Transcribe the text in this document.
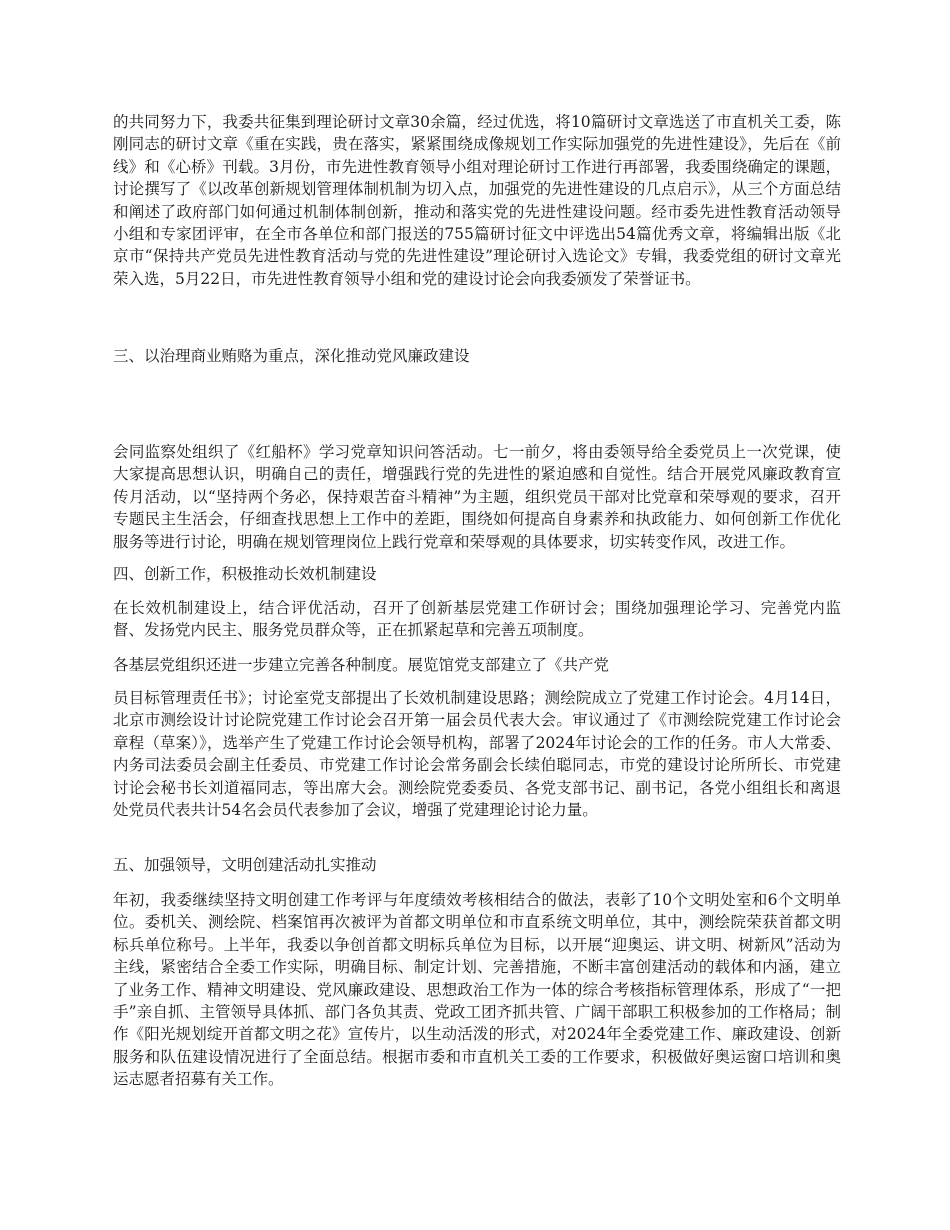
的共同努力下，我委共征集到理论研讨文章30余篇，经过优选，将10篇研讨文章选送了市直机关工委，陈刚同志的研讨文章《重在实践，贵在落实，紧紧围绕成像规划工作实际加强党的先进性建设》，先后在《前线》和《心桥》刊载。3月份，市先进性教育领导小组对理论研讨工作进行再部署，我委围绕确定的课题，讨论撰写了《以改革创新规划管理体制机制为切入点，加强党的先进性建设的几点启示》，从三个方面总结和阐述了政府部门如何通过机制体制创新，推动和落实党的先进性建设问题。经市委先进性教育活动领导小组和专家团评审，在全市各单位和部门报送的755篇研讨征文中评选出54篇优秀文章，将编辑出版《北京市“保持共产党员先进性教育活动与党的先进性建设”理论研讨入选论文》专辑，我委党组的研讨文章光荣入选，5月22日，市先进性教育领导小组和党的建设讨论会向我委颁发了荣誉证书。

三、以治理商业贿赂为重点，深化推动党风廉政建设

会同监察处组织了《红船杯》学习党章知识问答活动。七一前夕，将由委领导给全委党员上一次党课，使大家提高思想认识，明确自己的责任，增强践行党的先进性的紧迫感和自觉性。结合开展党风廉政教育宣传月活动，以“坚持两个务必，保持艰苦奋斗精神”为主题，组织党员干部对比党章和荣辱观的要求，召开专题民主生活会，仔细查找思想上工作中的差距，围绕如何提高自身素养和执政能力、如何创新工作优化服务等进行讨论，明确在规划管理岗位上践行党章和荣辱观的具体要求，切实转变作风，改进工作。

四、创新工作，积极推动长效机制建设

在长效机制建设上，结合评优活动，召开了创新基层党建工作研讨会；围绕加强理论学习、完善党内监督、发扬党内民主、服务党员群众等，正在抓紧起草和完善五项制度。

各基层党组织还进一步建立完善各种制度。展览馆党支部建立了《共产党

员目标管理责任书》；讨论室党支部提出了长效机制建设思路；测绘院成立了党建工作讨论会。4月14日，北京市测绘设计讨论院党建工作讨论会召开第一届会员代表大会。审议通过了《市测绘院党建工作讨论会章程（草案）》，选举产生了党建工作讨论会领导机构，部署了2024年讨论会的工作的任务。市人大常委、内务司法委员会副主任委员、市党建工作讨论会常务副会长续伯聪同志，市党的建设讨论所所长、市党建讨论会秘书长刘道福同志，等出席大会。测绘院党委委员、各党支部书记、副书记，各党小组组长和离退处党员代表共计54名会员代表参加了会议，增强了党建理论讨论力量。

五、加强领导，文明创建活动扎实推动

年初，我委继续坚持文明创建工作考评与年度绩效考核相结合的做法，表彰了10个文明处室和6个文明单位。委机关、测绘院、档案馆再次被评为首都文明单位和市直系统文明单位，其中，测绘院荣获首都文明标兵单位称号。上半年，我委以争创首都文明标兵单位为目标，以开展“迎奥运、讲文明、树新风”活动为主线，紧密结合全委工作实际，明确目标、制定计划、完善措施，不断丰富创建活动的载体和内涵，建立了业务工作、精神文明建设、党风廉政建设、思想政治工作为一体的综合考核指标管理体系，形成了“一把手”亲自抓、主管领导具体抓、部门各负其责、党政工团齐抓共管、广阔干部职工积极参加的工作格局；制作《阳光规划绽开首都文明之花》宣传片，以生动活泼的形式，对2024年全委党建工作、廉政建设、创新服务和队伍建设情况进行了全面总结。根据市委和市直机关工委的工作要求，积极做好奥运窗口培训和奥运志愿者招募有关工作。
